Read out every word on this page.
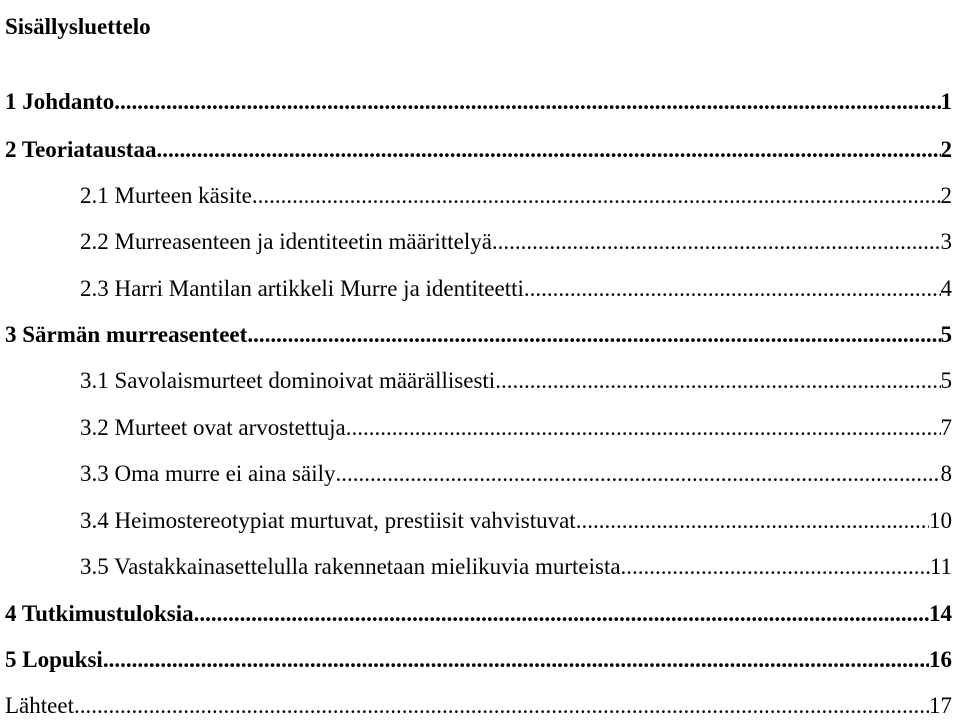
Sisällysluettelo
1 Johdanto .....	1
2 Teoriataustaa .....	2
2.1 Murteen käsite .....	2
2.2 Murreasenteen ja identiteetin määrittelyä .....	3
2.3 Harri Mantilan artikkeli Murre ja identiteetti .....	4
3 Särmän murreasenteet .....	5
3.1 Savolaismurteet dominoivat määrällisesti .....	5
3.2 Murteet ovat arvostettuja .....	7
3.3 Oma murre ei aina säily .....	8
3.4 Heimostereotypiat murtuvat, prestiisit vahvistuvat .....	10
3.5 Vastakkainasettelulla rakennetaan mielikuvia murteista .....	11
4 Tutkimustuloksia .....	14
5 Lopuksi .....	16
Lähteet .....	17
